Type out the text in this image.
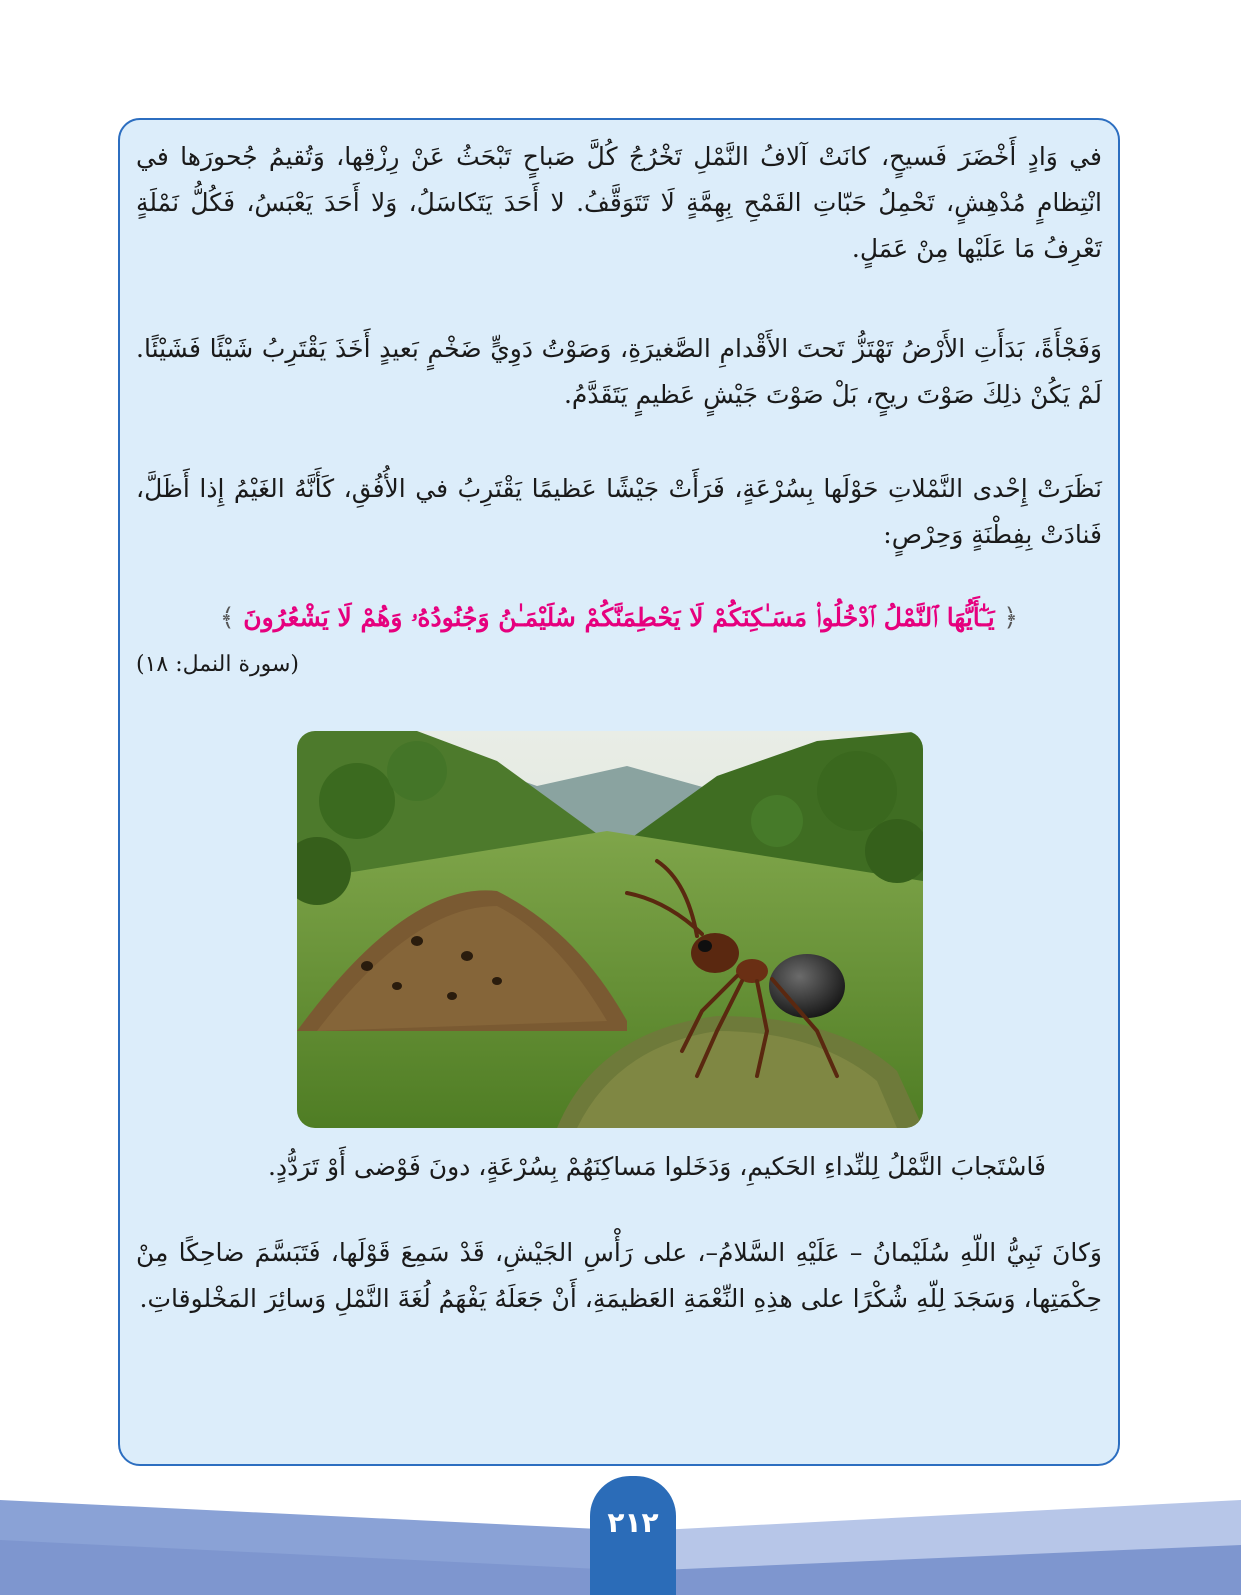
في وَادٍ أَخْضَرَ فَسيحٍ، كانَتْ آلافُ النَّمْلِ تَخْرُجُ كُلَّ صَباحٍ تَبْحَثُ عَنْ رِزْقِها، وَتُقيمُ جُحورَها في انْتِظامٍ مُدْهِشٍ، تَحْمِلُ حَبّاتِ القَمْحِ بِهِمَّةٍ لَا تَتَوَقَّفُ. لا أَحَدَ يَتَكاسَلُ، وَلا أَحَدَ يَعْبَسُ، فَكُلُّ نَمْلَةٍ تَعْرِفُ مَا عَلَيْها مِنْ عَمَلٍ.

وَفَجْأَةً، بَدَأَتِ الأَرْضُ تَهْتَزُّ تَحتَ الأَقْدامِ الصَّغيرَةِ، وَصَوْتُ دَوِيٍّ ضَخْمٍ بَعيدٍ أَخَذَ يَقْتَرِبُ شَيْئًا فَشَيْئًا. لَمْ يَكُنْ ذلِكَ صَوْتَ ريحٍ، بَلْ صَوْتَ جَيْشٍ عَظيمٍ يَتَقَدَّمُ.

نَظَرَتْ إِحْدى النَّمْلاتِ حَوْلَها بِسُرْعَةٍ، فَرَأَتْ جَيْشًا عَظيمًا يَقْتَرِبُ في الأُفُقِ، كَأَنَّهُ الغَيْمُ إِذا أَظَلَّ، فَنادَتْ بِفِطْنَةٍ وَحِرْصٍ:

﴿ يَـٰٓأَيُّهَا ٱلنَّمْلُ ٱدْخُلُوا۟ مَسَـٰكِنَكُمْ لَا يَحْطِمَنَّكُمْ سُلَيْمَـٰنُ وَجُنُودُهُۥ وَهُمْ لَا يَشْعُرُونَ ﴾

(سورة النمل: ١٨)

فَاسْتَجابَ النَّمْلُ لِلنِّداءِ الحَكيمِ، وَدَخَلوا مَساكِنَهُمْ بِسُرْعَةٍ، دونَ فَوْضى أَوْ تَرَدُّدٍ.

وَكانَ نَبِيُّ اللّهِ سُلَيْمانُ – عَلَيْهِ السَّلامُ–، على رَأْسِ الجَيْشِ، قَدْ سَمِعَ قَوْلَها، فَتَبَسَّمَ ضاحِكًا مِنْ حِكْمَتِها، وَسَجَدَ لِلّهِ شُكْرًا على هذِهِ النِّعْمَةِ العَظيمَةِ، أَنْ جَعَلَهُ يَفْهَمُ لُغَةَ النَّمْلِ وَسائِرَ المَخْلوقاتِ.

٢١٢
